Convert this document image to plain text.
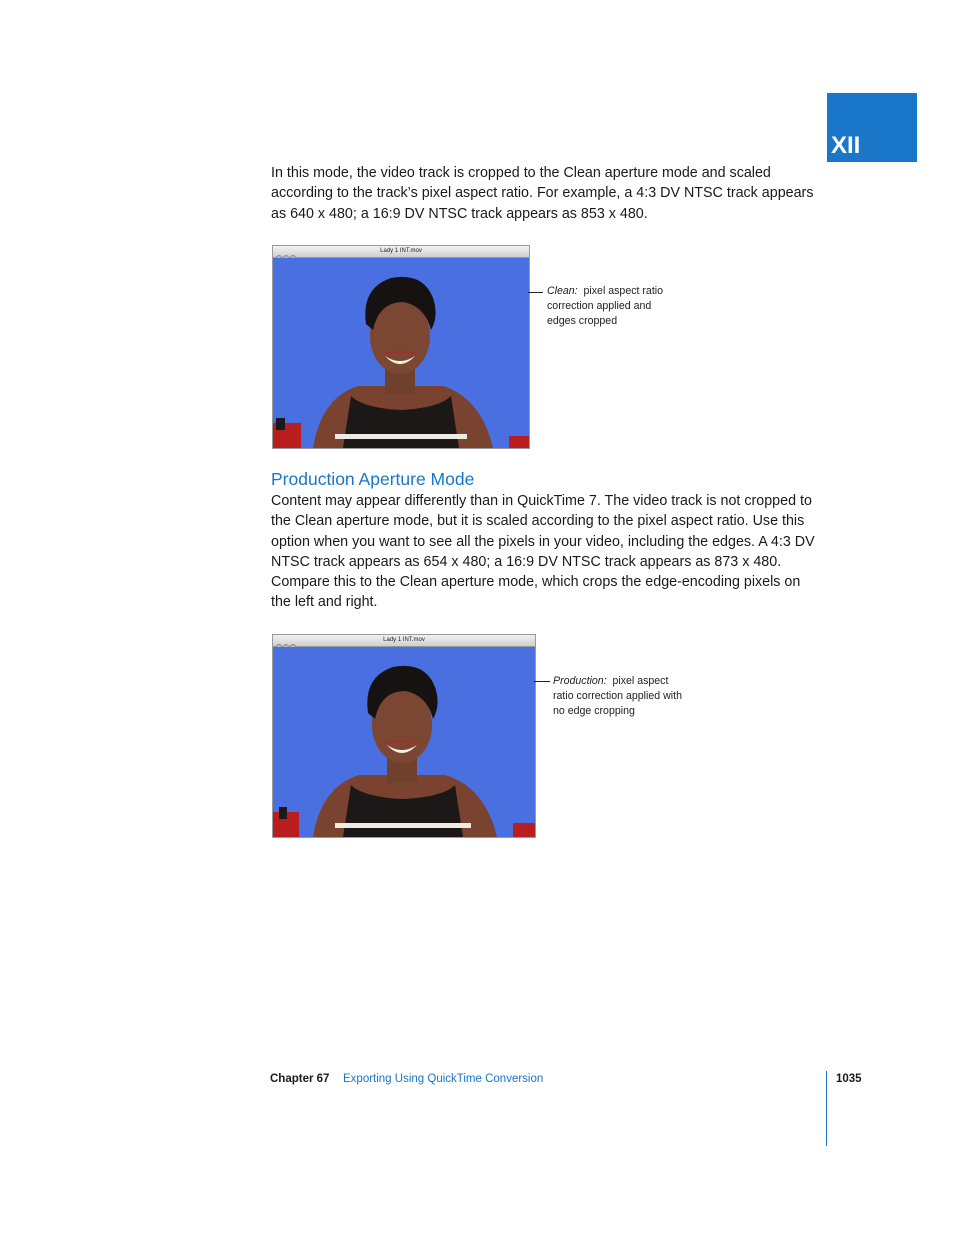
XII

In this mode, the video track is cropped to the Clean aperture mode and scaled according to the track’s pixel aspect ratio. For example, a 4:3 DV NTSC track appears as 640 x 480; a 16:9 DV NTSC track appears as 853 x 480.

Lady 1 INT.mov
Clean: pixel aspect ratio correction applied and edges cropped
Production Aperture Mode

Content may appear differently than in QuickTime 7. The video track is not cropped to the Clean aperture mode, but it is scaled according to the pixel aspect ratio. Use this option when you want to see all the pixels in your video, including the edges. A 4:3 DV NTSC track appears as 654 x 480; a 16:9 DV NTSC track appears as 873 x 480. Compare this to the Clean aperture mode, which crops the edge-encoding pixels on the left and right.

Lady 1 INT.mov
Production: pixel aspect ratio correction applied with no edge cropping
Chapter 67 Exporting Using QuickTime Conversion	1035
